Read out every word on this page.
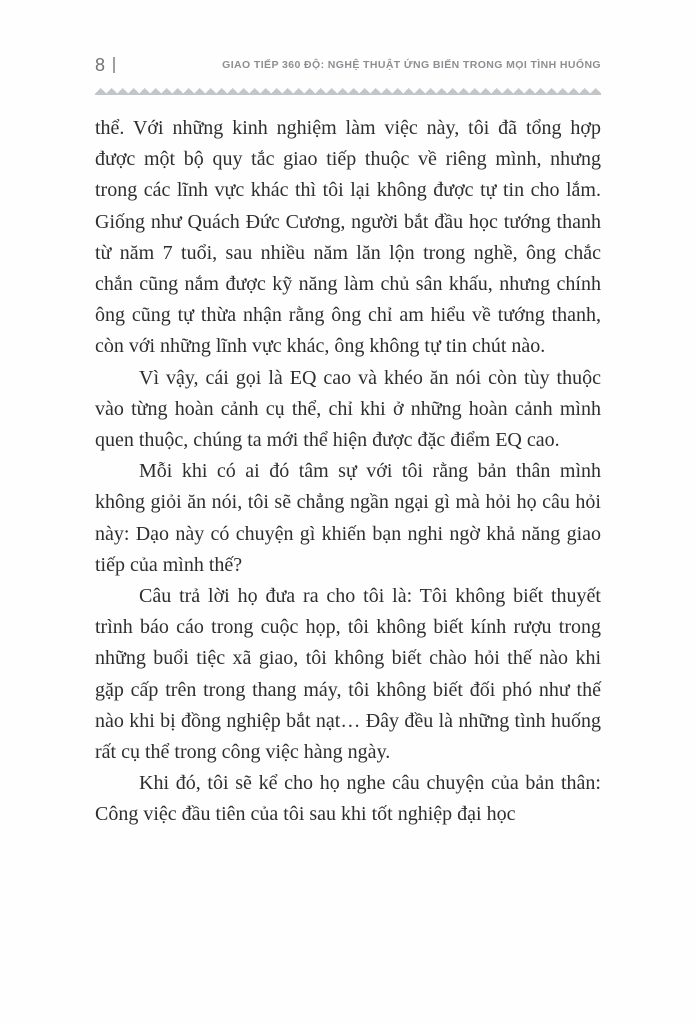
8	GIAO TIẾP 360 ĐỘ: NGHỆ THUẬT ỨNG BIẾN TRONG MỌI TÌNH HUỐNG

thể. Với những kinh nghiệm làm việc này, tôi đã tổng hợp được một bộ quy tắc giao tiếp thuộc về riêng mình, nhưng trong các lĩnh vực khác thì tôi lại không được tự tin cho lắm. Giống như Quách Đức Cương, người bắt đầu học tướng thanh từ năm 7 tuổi, sau nhiều năm lăn lộn trong nghề, ông chắc chắn cũng nắm được kỹ năng làm chủ sân khấu, nhưng chính ông cũng tự thừa nhận rằng ông chỉ am hiểu về tướng thanh, còn với những lĩnh vực khác, ông không tự tin chút nào.

Vì vậy, cái gọi là EQ cao và khéo ăn nói còn tùy thuộc vào từng hoàn cảnh cụ thể, chỉ khi ở những hoàn cảnh mình quen thuộc, chúng ta mới thể hiện được đặc điểm EQ cao.

Mỗi khi có ai đó tâm sự với tôi rằng bản thân mình không giỏi ăn nói, tôi sẽ chẳng ngần ngại gì mà hỏi họ câu hỏi này: Dạo này có chuyện gì khiến bạn nghi ngờ khả năng giao tiếp của mình thế?

Câu trả lời họ đưa ra cho tôi là: Tôi không biết thuyết trình báo cáo trong cuộc họp, tôi không biết kính rượu trong những buổi tiệc xã giao, tôi không biết chào hỏi thế nào khi gặp cấp trên trong thang máy, tôi không biết đối phó như thế nào khi bị đồng nghiệp bắt nạt… Đây đều là những tình huống rất cụ thể trong công việc hàng ngày.

Khi đó, tôi sẽ kể cho họ nghe câu chuyện của bản thân: Công việc đầu tiên của tôi sau khi tốt nghiệp đại học
